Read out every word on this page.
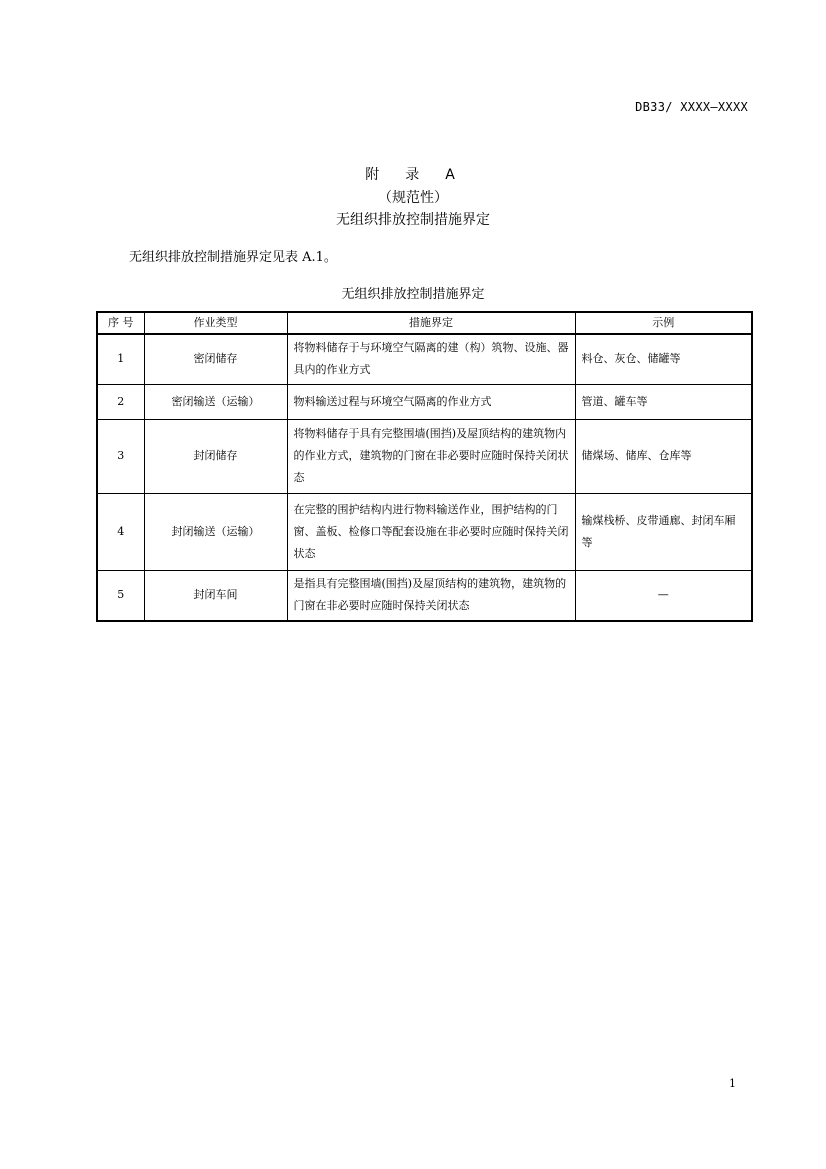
DB33/ XXXX—XXXX
附　录　A
（规范性）
无组织排放控制措施界定
无组织排放控制措施界定见表 A.1。
无组织排放控制措施界定
序 号	作业类型	措施界定	示例
1	密闭储存	将物料储存于与环境空气隔离的建（构）筑物、设施、器具内的作业方式	料仓、灰仓、储罐等
2	密闭输送（运输）	物料输送过程与环境空气隔离的作业方式	管道、罐车等
3	封闭储存	将物料储存于具有完整围墙(围挡)及屋顶结构的建筑物内的作业方式，建筑物的门窗在非必要时应随时保持关闭状态	储煤场、储库、仓库等
4	封闭输送（运输）	在完整的围护结构内进行物料输送作业，围护结构的门窗、盖板、检修口等配套设施在非必要时应随时保持关闭状态	输煤栈桥、皮带通廊、封闭车厢等
5	封闭车间	是指具有完整围墙(围挡)及屋顶结构的建筑物，建筑物的门窗在非必要时应随时保持关闭状态	—
1
